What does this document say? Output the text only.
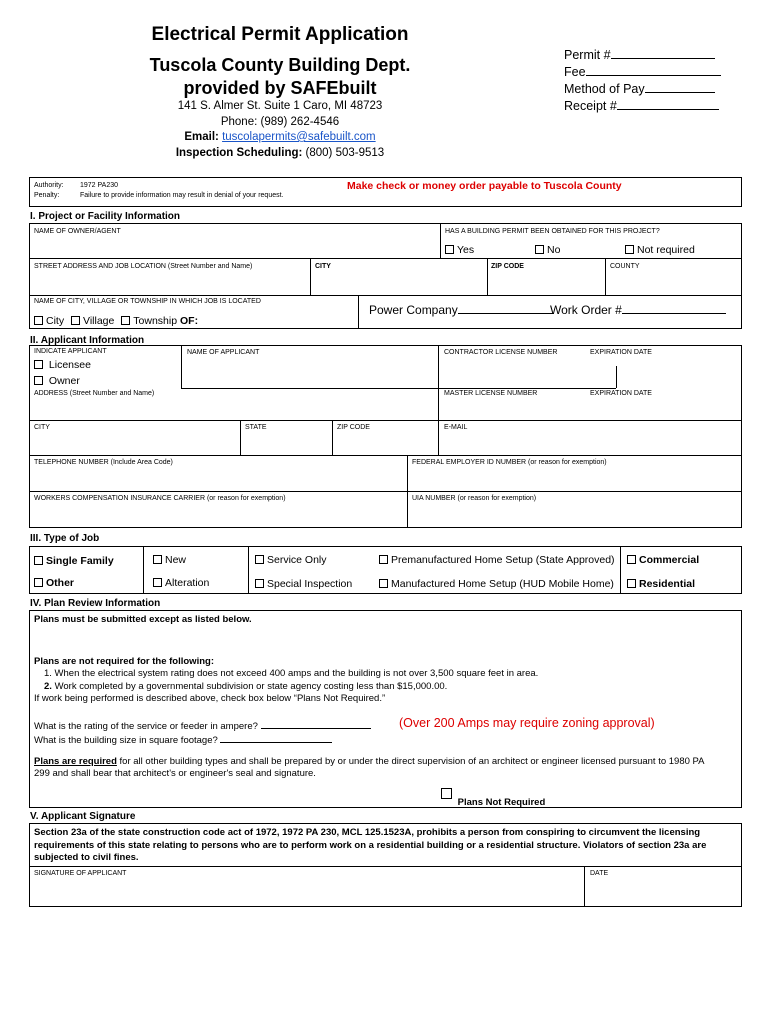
Electrical Permit Application
Tuscola County Building Dept.
provided by SAFEbuilt
141 S. Almer St. Suite 1 Caro, MI 48723
Phone: (989) 262-4546
Email: tuscolapermits@safebuilt.com
Inspection Scheduling: (800) 503-9513
Permit #
Fee
Method of Pay
Receipt #
Authority: 1972 PA230
Penalty:	Failure to provide information may result in denial of your request.
Make check or money order payable to Tuscola County
I. Project or Facility Information
NAME OF OWNER/AGENT	HAS A BUILDING PERMIT BEEN OBTAINED FOR THIS PROJECT?
Yes	No	Not required
STREET ADDRESS AND JOB LOCATION (Street Number and Name)	CITY	ZIP CODE	COUNTY
NAME OF CITY, VILLAGE OR TOWNSHIP IN WHICH JOB IS LOCATED
City Village Township OF:
Power Company	Work Order #
II. Applicant Information
INDICATE APPLICANT
Licensee
Owner
NAME OF APPLICANT	CONTRACTOR LICENSE NUMBER	EXPIRATION DATE
ADDRESS (Street Number and Name)	MASTER LICENSE NUMBER	EXPIRATION DATE
CITY	STATE	ZIP CODE	E-MAIL
TELEPHONE NUMBER (Include Area Code)	FEDERAL EMPLOYER ID NUMBER (or reason for exemption)
WORKERS COMPENSATION INSURANCE CARRIER (or reason for exemption)	UIA NUMBER (or reason for exemption)
III. Type of Job
Single Family
Other
New
Alteration
Service Only
Special Inspection
Premanufactured Home Setup (State Approved)
Manufactured Home Setup (HUD Mobile Home)
Commercial
Residential
IV. Plan Review Information
Plans must be submitted except as listed below.
Plans are not required for the following:
1. When the electrical system rating does not exceed 400 amps and the building is not over 3,500 square feet in area.
2. Work completed by a governmental subdivision or state agency costing less than $15,000.00.
If work being performed is described above, check box below “Plans Not Required.”
What is the rating of the service or feeder in ampere?	(Over 200 Amps may require zoning approval)
What is the building size in square footage?
Plans are required for all other building types and shall be prepared by or under the direct supervision of an architect or engineer licensed pursuant to 1980 PA
299 and shall bear that architect's or engineer's seal and signature.
Plans Not Required
V. Applicant Signature
Section 23a of the state construction code act of 1972, 1972 PA 230, MCL 125.1523A, prohibits a person from conspiring to circumvent the licensing requirements of this state relating to persons who are to perform work on a residential building or a residential structure. Violators of section 23a are subjected to civil fines.
SIGNATURE OF APPLICANT	DATE
